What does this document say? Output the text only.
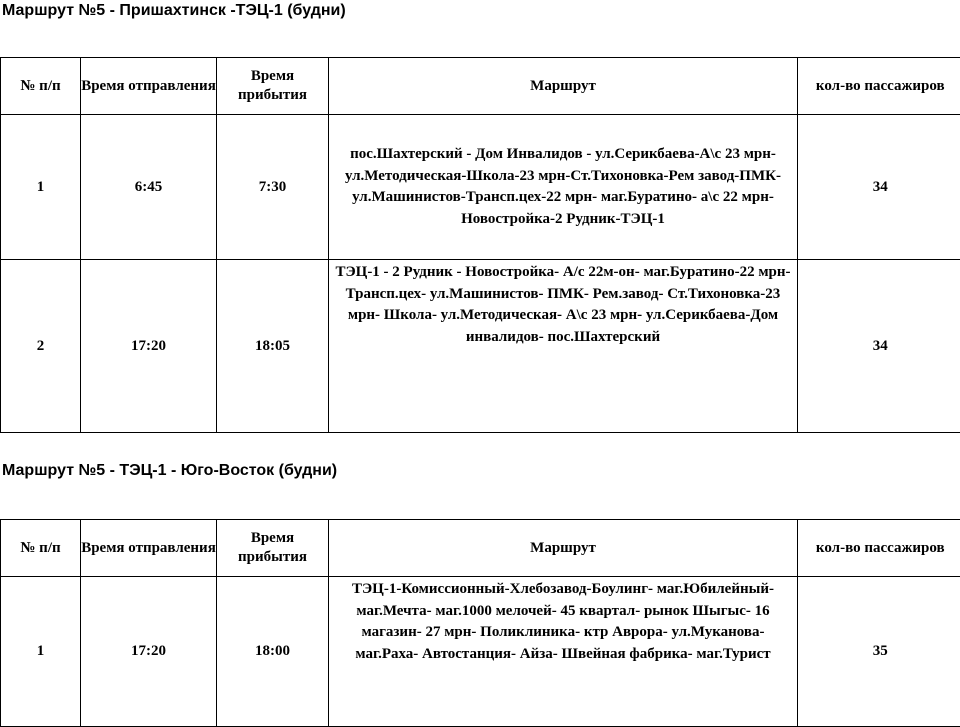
Маршрут №5 - Пришахтинск -ТЭЦ-1 (будни)
№ п/п	Время отправления	Время прибытия	Маршрут	кол-во пассажиров
1	6:45	7:30	пос.Шахтерский - Дом Инвалидов - ул.Серикбаева-А\с 23 мрн- ул.Методическая-Школа-23 мрн-Ст.Тихоновка-Рем завод-ПМК- ул.Машинистов-Трансп.цех-22 мрн- маг.Буратино- а\с 22 мрн-Новостройка-2 Рудник-ТЭЦ-1	34
2	17:20	18:05	ТЭЦ-1 - 2 Рудник - Новостройка- А/с 22м-он- маг.Буратино-22 мрн-Трансп.цех- ул.Машинистов- ПМК- Рем.завод- Ст.Тихоновка-23 мрн- Школа- ул.Методическая- А\с 23 мрн- ул.Серикбаева-Дом инвалидов- пос.Шахтерский	34
Маршрут №5 - ТЭЦ-1 - Юго-Восток (будни)
№ п/п	Время отправления	Время прибытия	Маршрут	кол-во пассажиров
1	17:20	18:00	ТЭЦ-1-Комиссионный-Хлебозавод-Боулинг- маг.Юбилейный- маг.Мечта- маг.1000 мелочей- 45 квартал- рынок Шыгыс- 16 магазин- 27 мрн- Поликлиника- ктр Аврора- ул.Муканова- маг.Раха- Автостанция- Айза- Швейная фабрика- маг.Турист	35
